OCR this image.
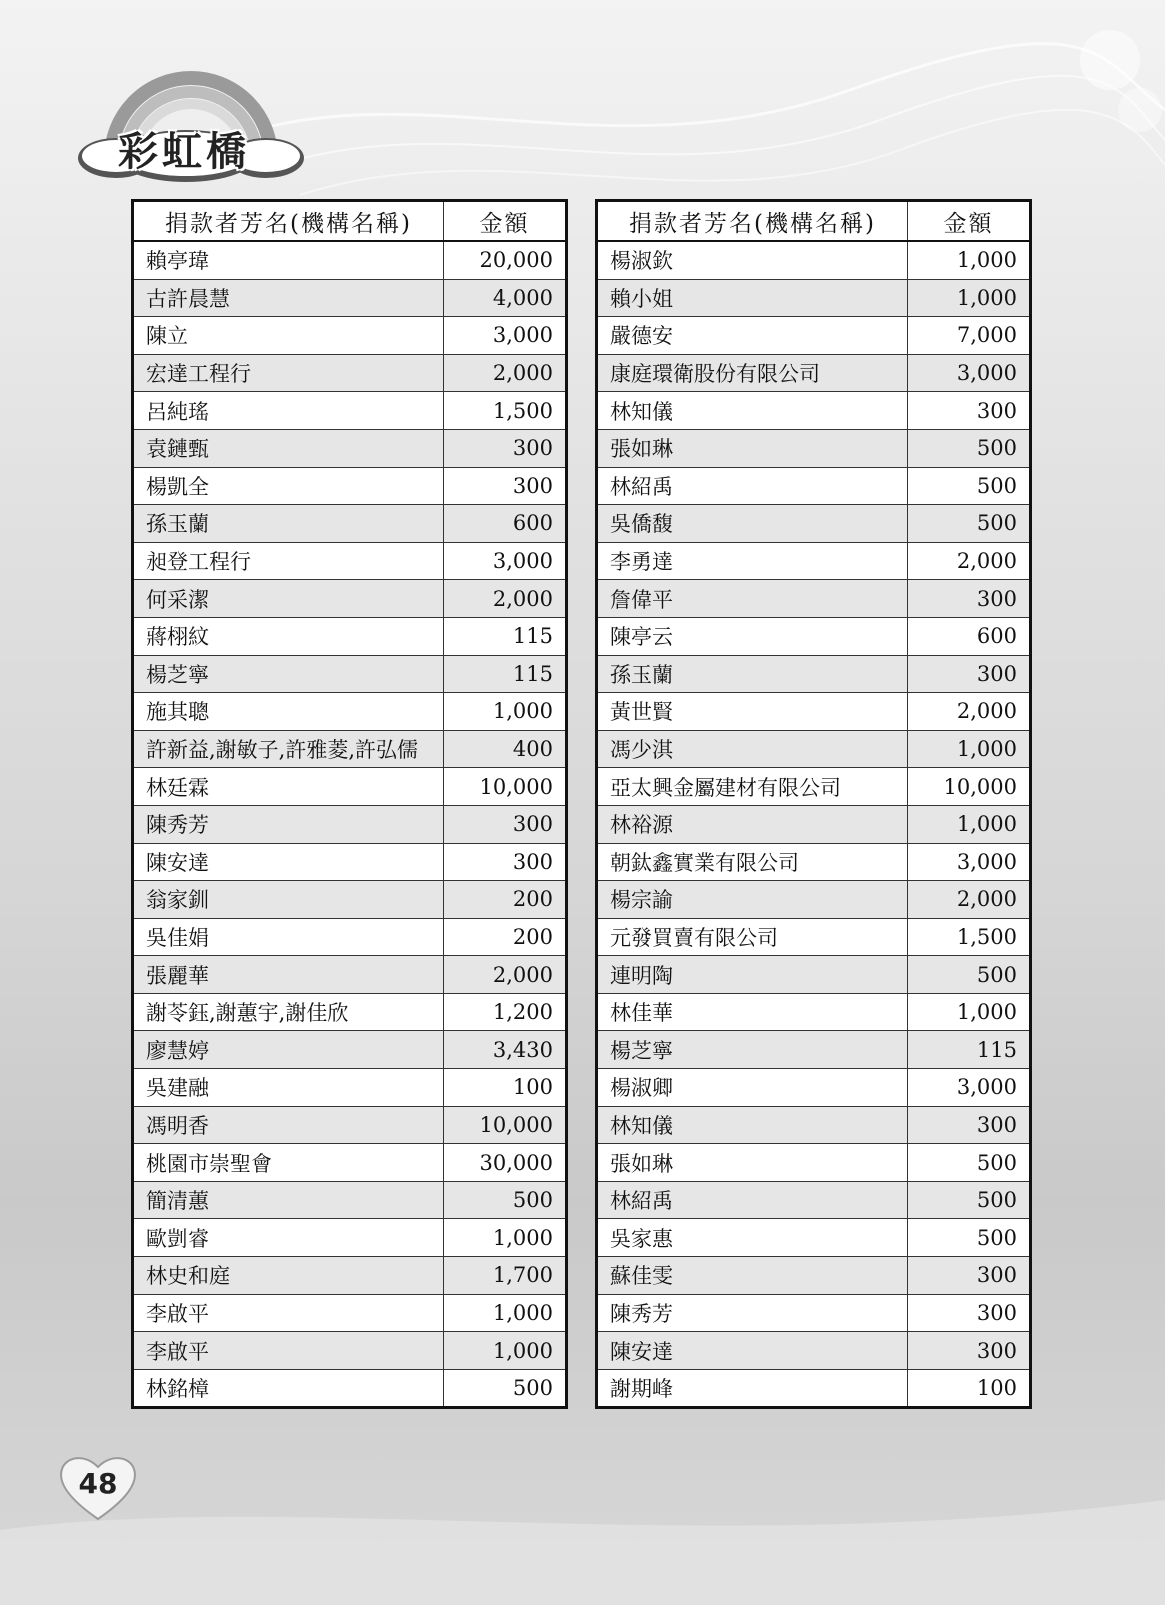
彩虹橋
捐款者芳名(機構名稱)	金額
賴亭瑋	20,000
古許晨慧	4,000
陳立	3,000
宏達工程行	2,000
呂純瑤	1,500
袁鏈甄	300
楊凱全	300
孫玉蘭	600
昶登工程行	3,000
何采潔	2,000
蔣栩紋	115
楊芝寧	115
施其聰	1,000
許新益,謝敏子,許雅菱,許弘儒	400
林廷霖	10,000
陳秀芳	300
陳安達	300
翁家釧	200
吳佳娟	200
張麗華	2,000
謝苓鈺,謝蕙宇,謝佳欣	1,200
廖慧婷	3,430
吳建融	100
馮明香	10,000
桃園市崇聖會	30,000
簡清蕙	500
歐剴睿	1,000
林史和庭	1,700
李啟平	1,000
李啟平	1,000
林銘樟	500
捐款者芳名(機構名稱)	金額
楊淑欽	1,000
賴小姐	1,000
嚴德安	7,000
康庭環衛股份有限公司	3,000
林知儀	300
張如琳	500
林紹禹	500
吳僑馥	500
李勇達	2,000
詹偉平	300
陳亭云	600
孫玉蘭	300
黃世賢	2,000
馮少淇	1,000
亞太興金屬建材有限公司	10,000
林裕源	1,000
朝鈦鑫實業有限公司	3,000
楊宗諭	2,000
元發買賣有限公司	1,500
連明陶	500
林佳華	1,000
楊芝寧	115
楊淑卿	3,000
林知儀	300
張如琳	500
林紹禹	500
吳家惠	500
蘇佳雯	300
陳秀芳	300
陳安達	300
謝期峰	100
48
